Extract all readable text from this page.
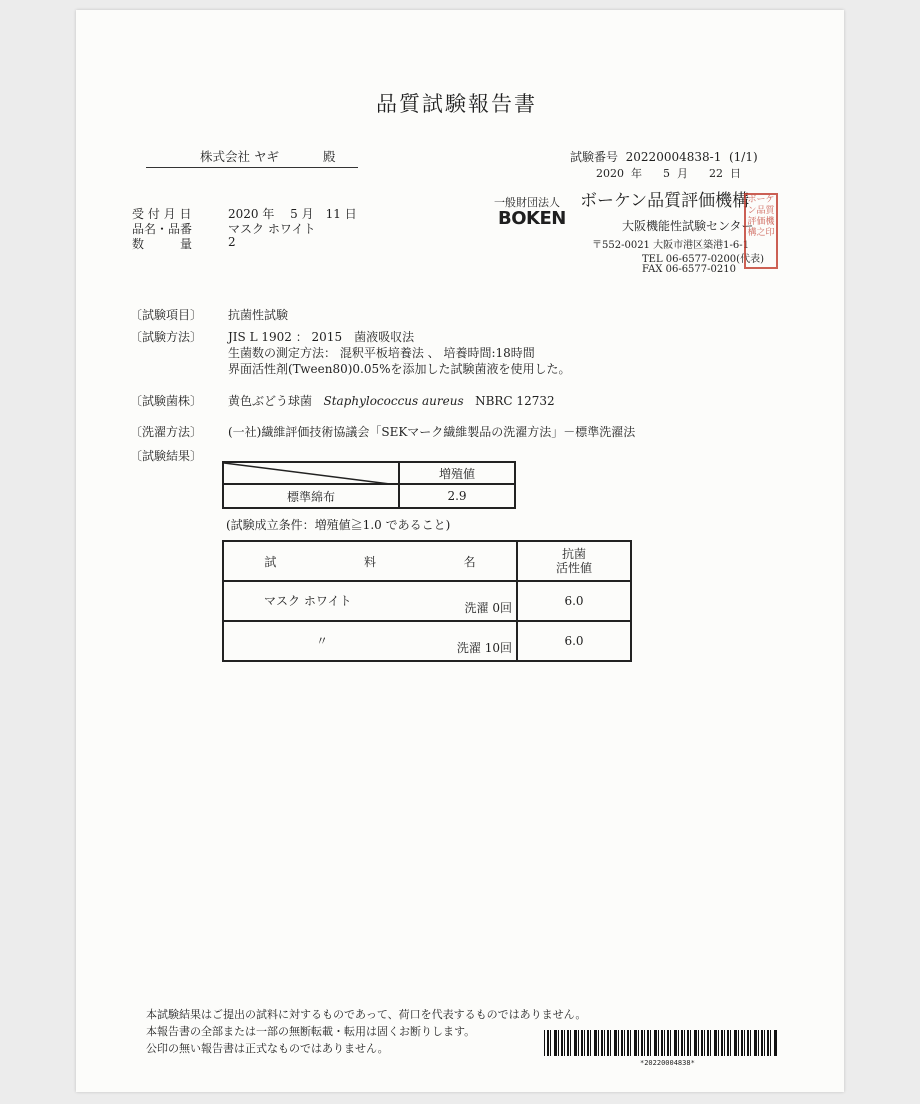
品質試験報告書
株式会社 ヤギ	殿	試験番号 20220004838-1 (1/1)
2020 年 5 月 22 日
一般財団法人 ボーケン品質評価機構
BOKEN	大阪機能性試験センター
〒552-0021 大阪市港区築港1-6-1
TEL 06-6577-0200(代表)
FAX 06-6577-0210
ボーケン品質評価機構之印
受 付 月 日	2020 年　 5 月　11 日
品名・品番	マスク ホワイト
数　　　量	2
〔試験項目〕 抗菌性試験
〔試験方法〕 JIS L 1902 ： 2015　菌液吸収法
生菌数の測定方法： 混釈平板培養法 、 培養時間:18時間
界面活性剤(Tween80)0.05%を添加した試験菌液を使用した。
〔試験菌株〕 黄色ぶどう球菌 Staphylococcus aureus NBRC 12732
〔洗濯方法〕 (一社)繊維評価技術協議会「SEKマーク繊維製品の洗濯方法」－標準洗濯法
〔試験結果〕
	増殖値
標準綿布	2.9
(試験成立条件：増殖値≧1.0 であること)
試 料 名	抗菌
活性値

マスク ホワイト 洗濯 0回	6.0

〃 洗濯 10回	6.0
本試験結果はご提出の試料に対するものであって、荷口を代表するものではありません。
本報告書の全部または一部の無断転載・転用は固くお断りします。
公印の無い報告書は正式なものではありません。
*20220004838*
